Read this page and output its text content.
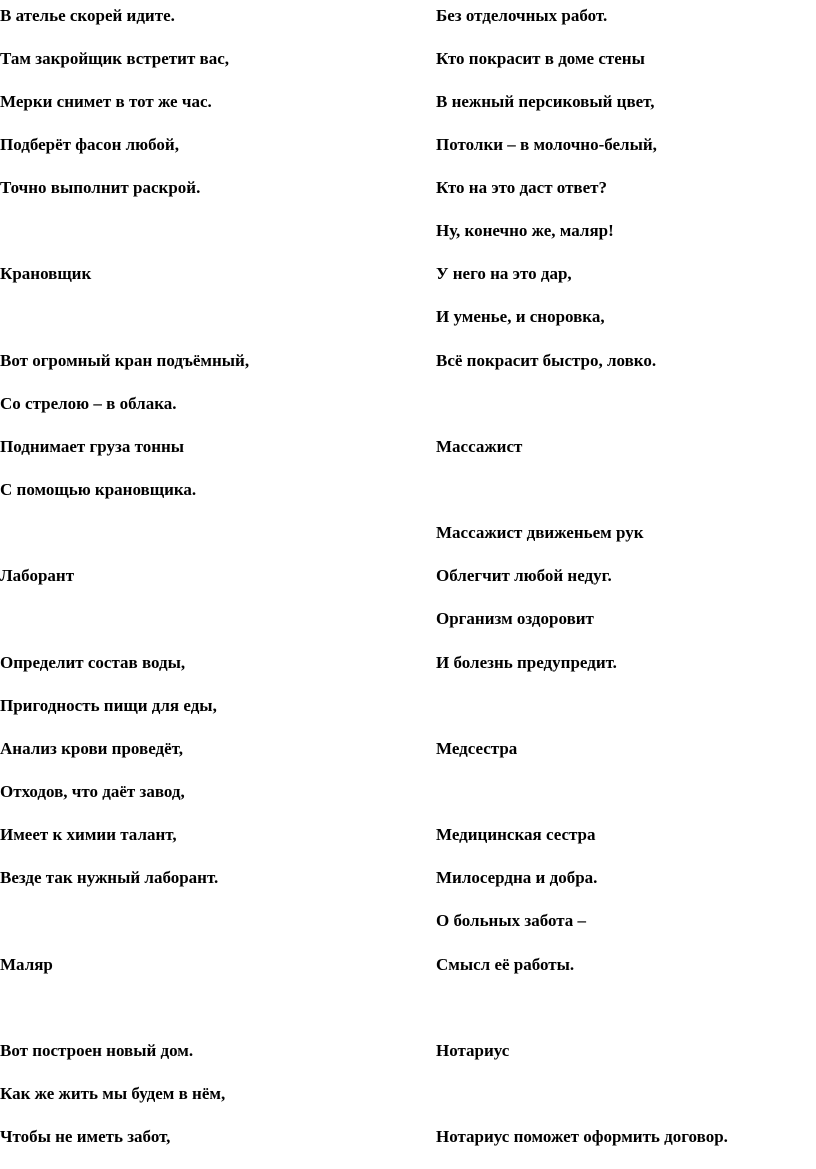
В ателье скорей идите.
Там закройщик встретит вас,
Мерки снимет в тот же час.
Подберёт фасон любой,
Точно выполнит раскрой.
Крановщик
Вот огромный кран подъёмный,
Со стрелою – в облака.
Поднимает груза тонны
С помощью крановщика.
Лаборант
Определит состав воды,
Пригодность пищи для еды,
Анализ крови проведёт,
Отходов, что даёт завод,
Имеет к химии талант,
Везде так нужный лаборант.
Маляр
Вот построен новый дом.
Как же жить мы будем в нём,
Чтобы не иметь забот,
Без отделочных работ.
Кто покрасит в доме стены
В нежный персиковый цвет,
Потолки – в молочно-белый,
Кто на это даст ответ?
Ну, конечно же, маляр!
У него на это дар,
И уменье, и сноровка,
Всё покрасит быстро, ловко.
Массажист
Массажист движеньем рук
Облегчит любой недуг.
Организм оздоровит
И болезнь предупредит.
Медсестра
Медицинская сестра
Милосердна и добра.
О больных забота –
Смысл её работы.
Нотариус
Нотариус поможет оформить договор.
